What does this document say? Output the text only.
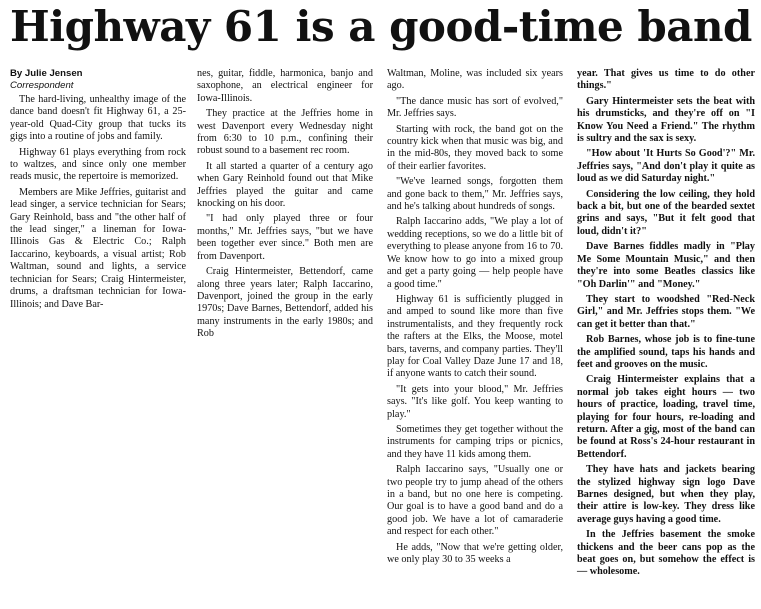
Highway 61 is a good-time band
By Julie Jensen
Correspondent

The hard-living, unhealthy image of the dance band doesn't fit Highway 61, a 25-year-old Quad-City group that tucks its gigs into a routine of jobs and family.

Highway 61 plays everything from rock to waltzes, and since only one member reads music, the repertoire is memorized.

Members are Mike Jeffries, guitarist and lead singer, a service technician for Sears; Gary Reinhold, bass and "the other half of the lead singer," a lineman for Iowa-Illinois Gas & Electric Co.; Ralph Iaccarino, keyboards, a visual artist; Rob Waltman, sound and lights, a service technician for Sears; Craig Hintermeister, drums, a draftsman technician for Iowa-Illinois; and Dave Bar-

nes, guitar, fiddle, harmonica, banjo and saxophone, an electrical engineer for Iowa-Illinois.

They practice at the Jeffries home in west Davenport every Wednesday night from 6:30 to 10 p.m., confining their robust sound to a basement rec room.

It all started a quarter of a century ago when Gary Reinhold found out that Mike Jeffries played the guitar and came knocking on his door.

"I had only played three or four months," Mr. Jeffries says, "but we have been together ever since." Both men are from Davenport.

Craig Hintermeister, Bettendorf, came along three years later; Ralph Iaccarino, Davenport, joined the group in the early 1970s; Dave Barnes, Bettendorf, added his many instruments in the early 1980s; and Rob

Waltman, Moline, was included six years ago.

"The dance music has sort of evolved," Mr. Jeffries says.

Starting with rock, the band got on the country kick when that music was big, and in the mid-80s, they moved back to some of their earlier favorites.

"We've learned songs, forgotten them and gone back to them," Mr. Jeffries says, and he's talking about hundreds of songs.

Ralph Iaccarino adds, "We play a lot of wedding receptions, so we do a little bit of everything to please anyone from 16 to 70. We know how to go into a mixed group and get a party going — help people have a good time."

Highway 61 is sufficiently plugged in and amped to sound like more than five instrumentalists, and they frequently rock the rafters at the Elks, the Moose, motel bars, taverns, and company parties. They'll play for Coal Valley Daze June 17 and 18, if anyone wants to catch their sound.

"It gets into your blood," Mr. Jeffries says. "It's like golf. You keep wanting to play."

Sometimes they get together without the instruments for camping trips or picnics, and they have 11 kids among them.

Ralph Iaccarino says, "Usually one or two people try to jump ahead of the others in a band, but no one here is competing. Our goal is to have a good band and do a good job. We have a lot of camaraderie and respect for each other."

He adds, "Now that we're getting older, we only play 30 to 35 weeks a

year. That gives us time to do other things."

Gary Hintermeister sets the beat with his drumsticks, and they're off on "I Know You Need a Friend." The rhythm is sultry and the sax is sexy.

"How about 'It Hurts So Good'?" Mr. Jeffries says, "And don't play it quite as loud as we did Saturday night."

Considering the low ceiling, they hold back a bit, but one of the bearded sextet grins and says, "But it felt good that loud, didn't it?"

Dave Barnes fiddles madly in "Play Me Some Mountain Music," and then they're into some Beatles classics like "Oh Darlin'" and "Money."

They start to woodshed "Red-Neck Girl," and Mr. Jeffries stops them. "We can get it better than that."

Rob Barnes, whose job is to fine-tune the amplified sound, taps his hands and feet and grooves on the music.

Craig Hintermeister explains that a normal job takes eight hours — two hours of practice, loading, travel time, playing for four hours, re-loading and return. After a gig, most of the band can be found at Ross's 24-hour restaurant in Bettendorf.

They have hats and jackets bearing the stylized highway sign logo Dave Barnes designed, but when they play, their attire is low-key. They dress like average guys having a good time.

In the Jeffries basement the smoke thickens and the beer cans pop as the beat goes on, but somehow the effect is — wholesome.
